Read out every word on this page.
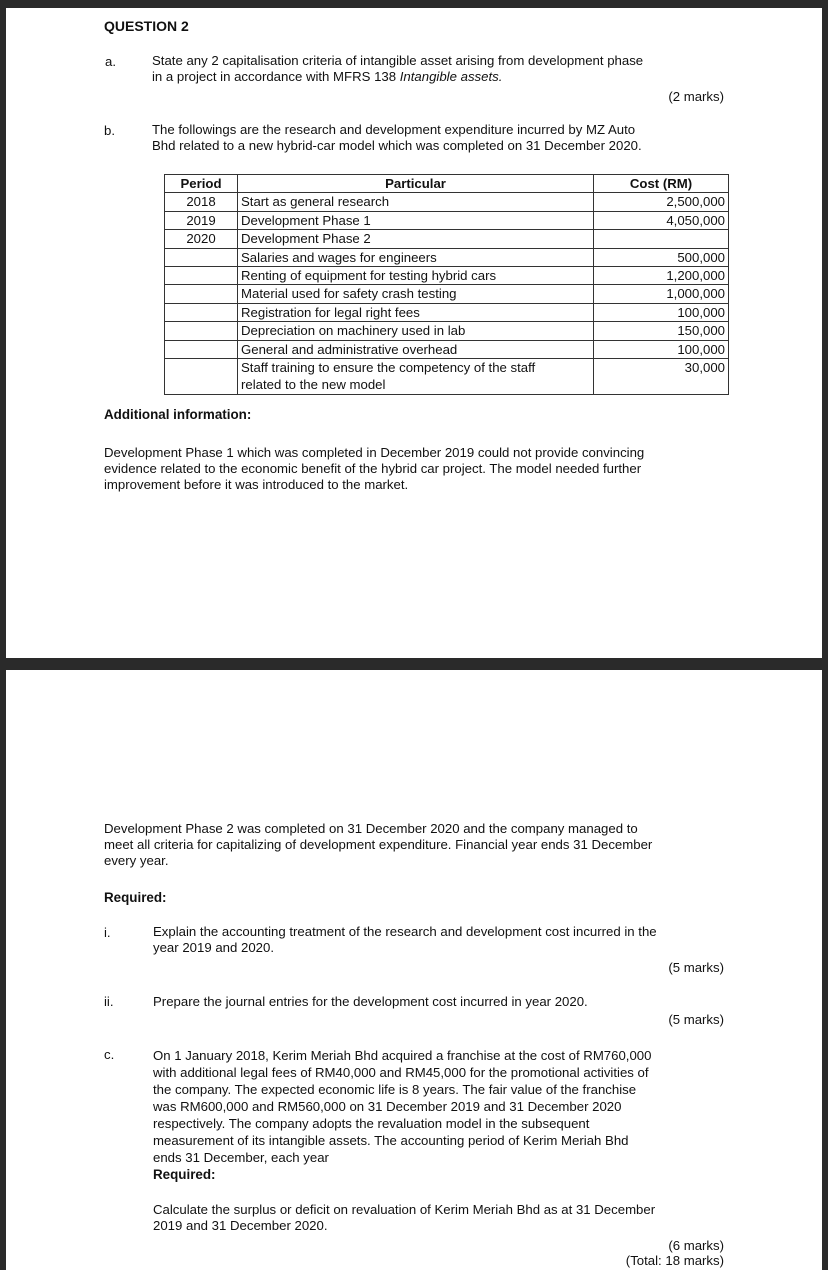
QUESTION 2
a.	State any 2 capitalisation criteria of intangible asset arising from development phase
in a project in accordance with MFRS 138 Intangible assets.
(2 marks)
b.	The followings are the research and development expenditure incurred by MZ Auto
Bhd related to a new hybrid-car model which was completed on 31 December 2020.
Period	Particular	Cost (RM)
2018	Start as general research	2,500,000
2019	Development Phase 1	4,050,000
2020	Development Phase 2	
	Salaries and wages for engineers	500,000
	Renting of equipment for testing hybrid cars	1,200,000
	Material used for safety crash testing	1,000,000
	Registration for legal right fees	100,000
	Depreciation on machinery used in lab	150,000
	General and administrative overhead	100,000
	Staff training to ensure the competency of the staff	30,000
	related to the new model	
Additional information:
Development Phase 1 which was completed in December 2019 could not provide convincing
evidence related to the economic benefit of the hybrid car project. The model needed further
improvement before it was introduced to the market.
Development Phase 2 was completed on 31 December 2020 and the company managed to
meet all criteria for capitalizing of development expenditure. Financial year ends 31 December
every year.
Required:
i.	Explain the accounting treatment of the research and development cost incurred in the
year 2019 and 2020.
(5 marks)
ii.	Prepare the journal entries for the development cost incurred in year 2020.
(5 marks)
c.	On 1 January 2018, Kerim Meriah Bhd acquired a franchise at the cost of RM760,000
with additional legal fees of RM40,000 and RM45,000 for the promotional activities of
the company. The expected economic life is 8 years. The fair value of the franchise
was RM600,000 and RM560,000 on 31 December 2019 and 31 December 2020
respectively. The company adopts the revaluation model in the subsequent
measurement of its intangible assets. The accounting period of Kerim Meriah Bhd
ends 31 December, each year
Required:
Calculate the surplus or deficit on revaluation of Kerim Meriah Bhd as at 31 December
2019 and 31 December 2020.
(6 marks)
(Total: 18 marks)
